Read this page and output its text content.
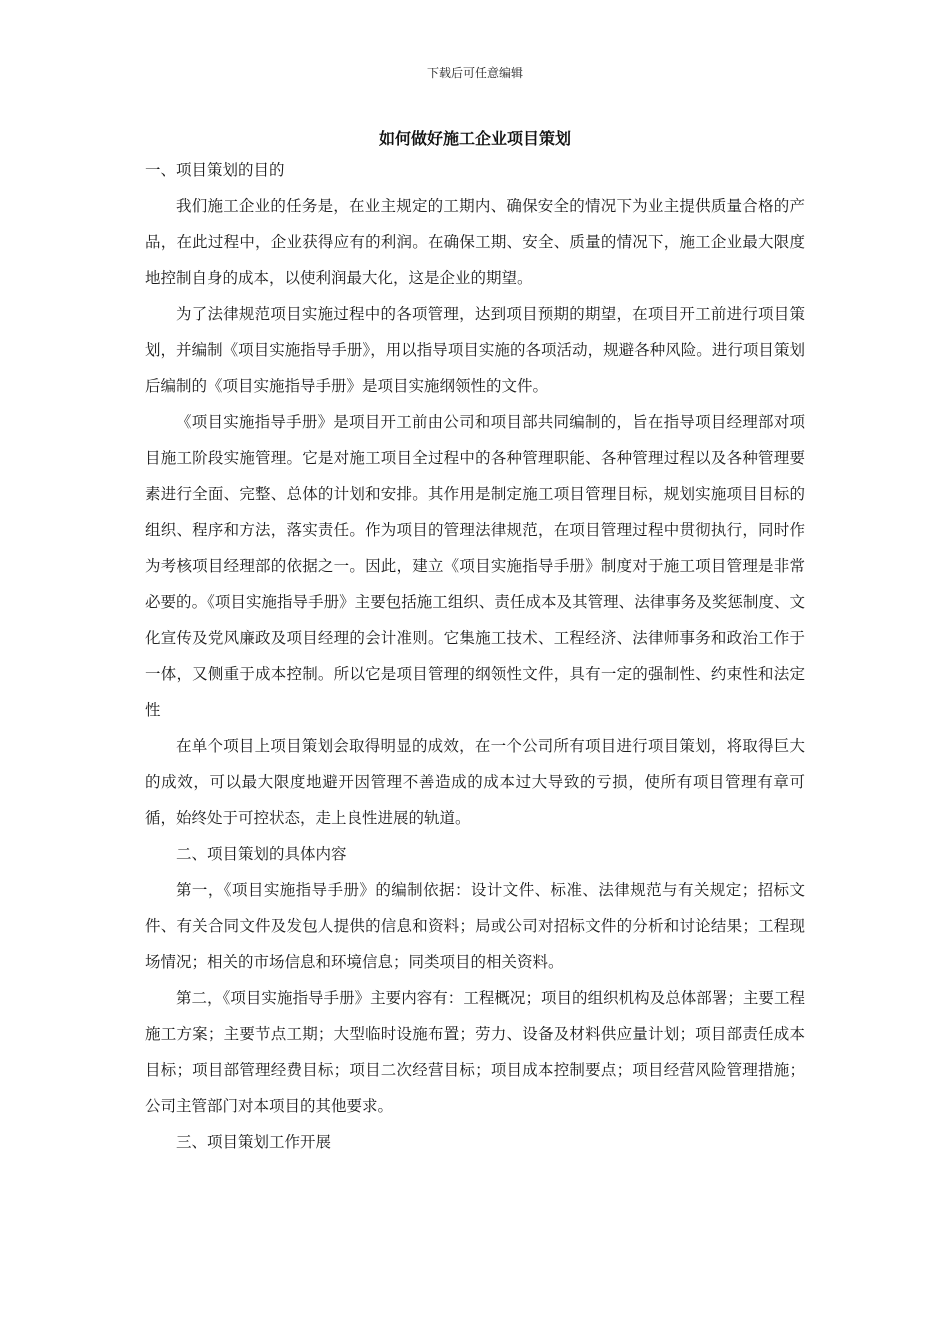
下载后可任意编辑
如何做好施工企业项目策划

一、项目策划的目的

我们施工企业的任务是，在业主规定的工期内、确保安全的情况下为业主提供质量合格的产品，在此过程中，企业获得应有的利润。在确保工期、安全、质量的情况下，施工企业最大限度地控制自身的成本，以使利润最大化，这是企业的期望。

为了法律规范项目实施过程中的各项管理，达到项目预期的期望，在项目开工前进行项目策划，并编制《项目实施指导手册》，用以指导项目实施的各项活动，规避各种风险。进行项目策划后编制的《项目实施指导手册》是项目实施纲领性的文件。

《项目实施指导手册》是项目开工前由公司和项目部共同编制的，旨在指导项目经理部对项目施工阶段实施管理。它是对施工项目全过程中的各种管理职能、各种管理过程以及各种管理要素进行全面、完整、总体的计划和安排。其作用是制定施工项目管理目标，规划实施项目目标的组织、程序和方法，落实责任。作为项目的管理法律规范，在项目管理过程中贯彻执行，同时作为考核项目经理部的依据之一。因此，建立《项目实施指导手册》制度对于施工项目管理是非常必要的。《项目实施指导手册》主要包括施工组织、责任成本及其管理、法律事务及奖惩制度、文化宣传及党风廉政及项目经理的会计准则。它集施工技术、工程经济、法律师事务和政治工作于一体，又侧重于成本控制。所以它是项目管理的纲领性文件，具有一定的强制性、约束性和法定性

在单个项目上项目策划会取得明显的成效，在一个公司所有项目进行项目策划，将取得巨大的成效，可以最大限度地避开因管理不善造成的成本过大导致的亏损，使所有项目管理有章可循，始终处于可控状态，走上良性进展的轨道。

二、项目策划的具体内容

第一，《项目实施指导手册》的编制依据：设计文件、标准、法律规范与有关规定；招标文件、有关合同文件及发包人提供的信息和资料；局或公司对招标文件的分析和讨论结果；工程现场情况；相关的市场信息和环境信息；同类项目的相关资料。

第二，《项目实施指导手册》主要内容有：工程概况；项目的组织机构及总体部署；主要工程施工方案；主要节点工期；大型临时设施布置；劳力、设备及材料供应量计划；项目部责任成本目标；项目部管理经费目标；项目二次经营目标；项目成本控制要点；项目经营风险管理措施；公司主管部门对本项目的其他要求。

三、项目策划工作开展
